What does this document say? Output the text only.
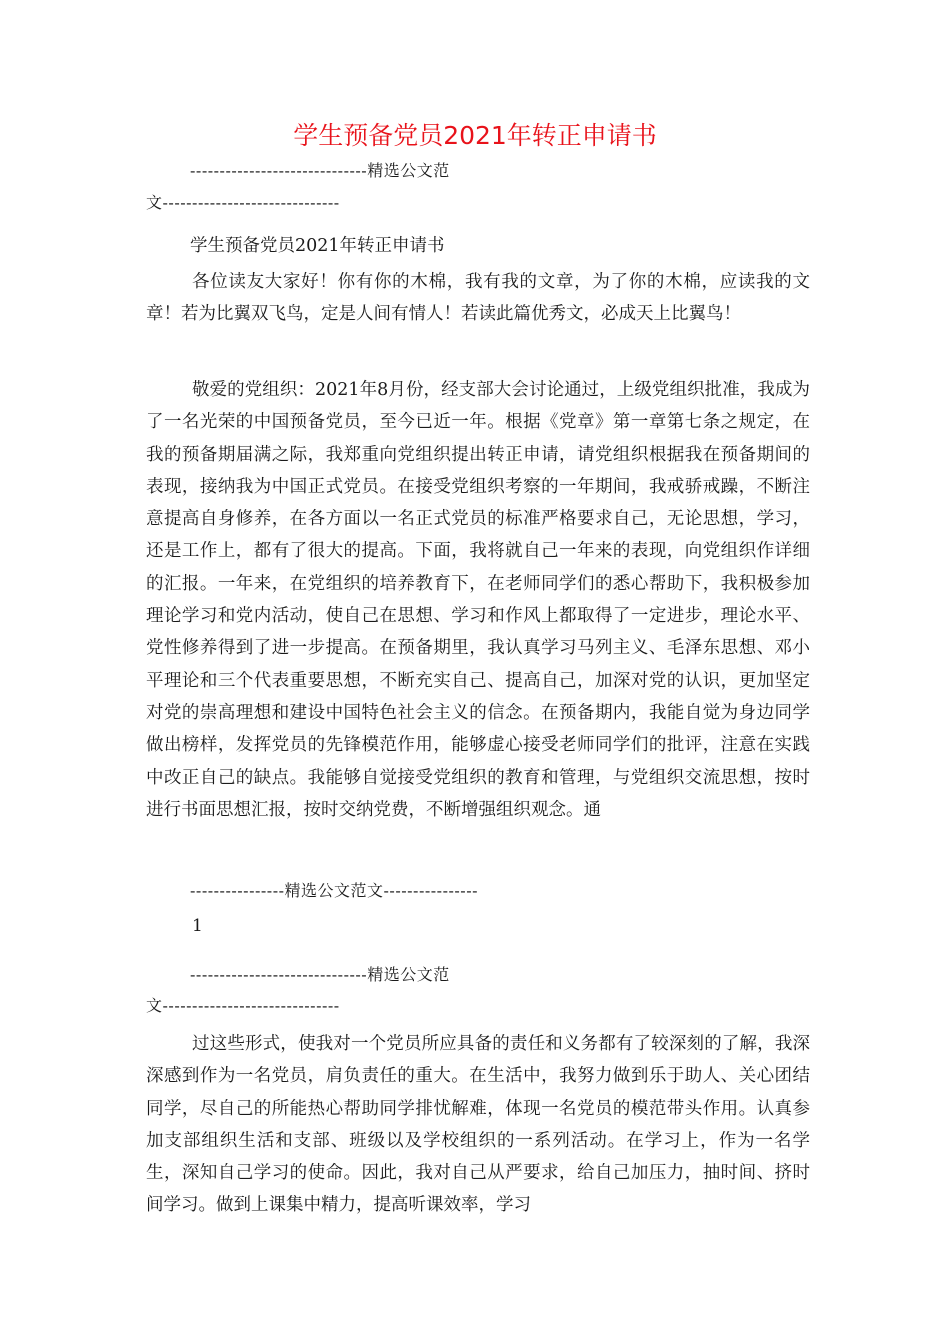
学生预备党员2021年转正申请书
------------------------------精选公文范
文------------------------------
学生预备党员2021年转正申请书

各位读友大家好！你有你的木棉，我有我的文章，为了你的木棉，应读我的文章！若为比翼双飞鸟，定是人间有情人！若读此篇优秀文，必成天上比翼鸟！

敬爱的党组织：2021年8月份，经支部大会讨论通过，上级党组织批准，我成为了一名光荣的中国预备党员，至今已近一年。根据《党章》第一章第七条之规定，在我的预备期届满之际，我郑重向党组织提出转正申请，请党组织根据我在预备期间的表现，接纳我为中国正式党员。在接受党组织考察的一年期间，我戒骄戒躁，不断注意提高自身修养，在各方面以一名正式党员的标准严格要求自己，无论思想，学习，还是工作上，都有了很大的提高。下面，我将就自己一年来的表现，向党组织作详细的汇报。一年来，在党组织的培养教育下，在老师同学们的悉心帮助下，我积极参加理论学习和党内活动，使自己在思想、学习和作风上都取得了一定进步，理论水平、党性修养得到了进一步提高。在预备期里，我认真学习马列主义、毛泽东思想、邓小平理论和三个代表重要思想，不断充实自己、提高自己，加深对党的认识，更加坚定对党的崇高理想和建设中国特色社会主义的信念。在预备期内，我能自觉为身边同学做出榜样，发挥党员的先锋模范作用，能够虚心接受老师同学们的批评，注意在实践中改正自己的缺点。我能够自觉接受党组织的教育和管理，与党组织交流思想，按时进行书面思想汇报，按时交纳党费，不断增强组织观念。通

----------------精选公文范文----------------
1
------------------------------精选公文范
文------------------------------

过这些形式，使我对一个党员所应具备的责任和义务都有了较深刻的了解，我深深感到作为一名党员，肩负责任的重大。在生活中，我努力做到乐于助人、关心团结同学，尽自己的所能热心帮助同学排忧解难，体现一名党员的模范带头作用。认真参加支部组织生活和支部、班级以及学校组织的一系列活动。在学习上，作为一名学生，深知自己学习的使命。因此，我对自己从严要求，给自己加压力，抽时间、挤时间学习。做到上课集中精力，提高听课效率，学习
